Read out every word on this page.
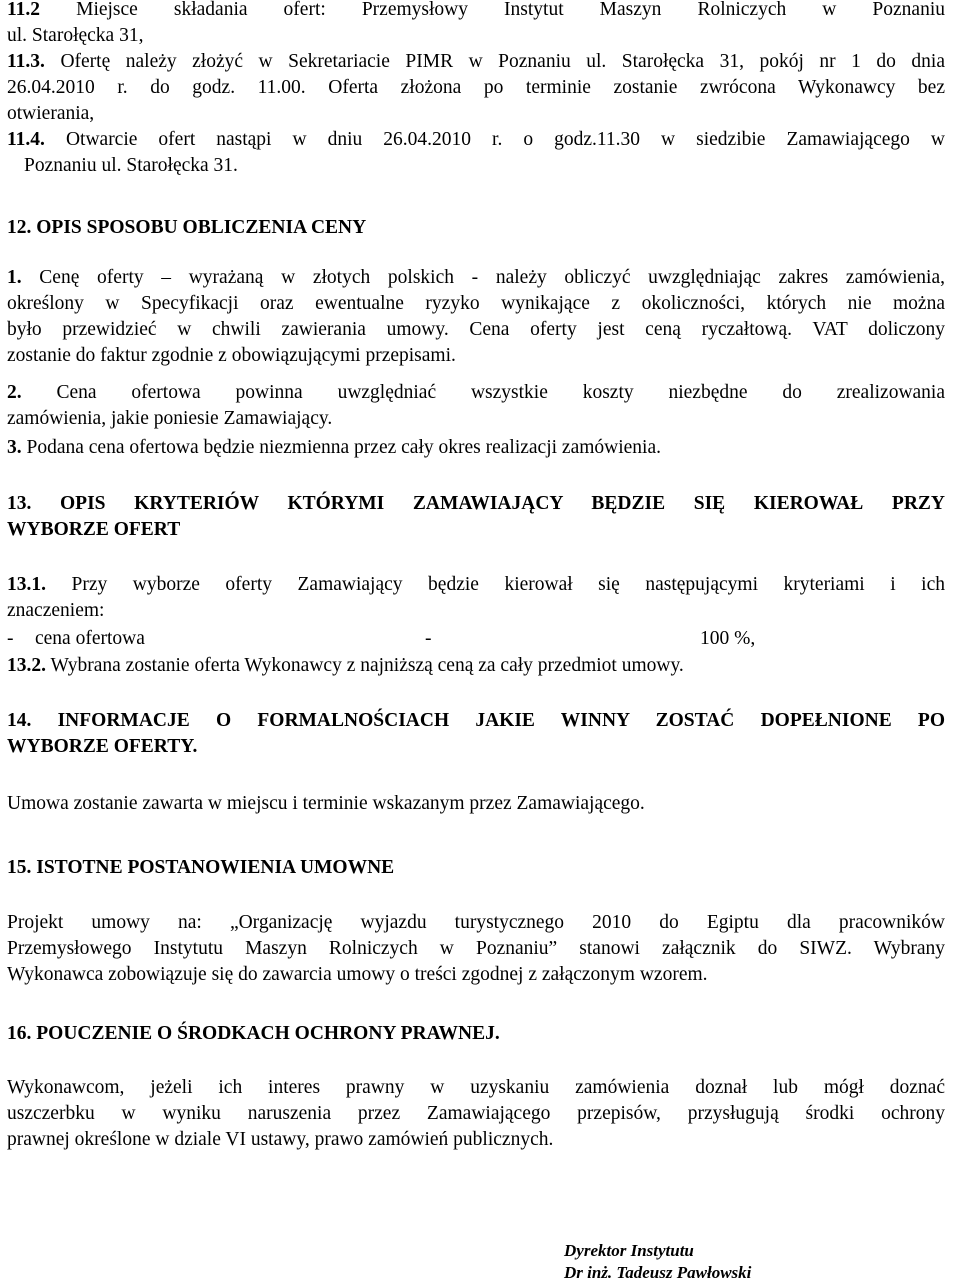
11.2 Miejsce składania ofert: Przemysłowy Instytut Maszyn Rolniczych w Poznaniu
ul. Starołęcka 31,
11.3. Ofertę należy złożyć w Sekretariacie PIMR w Poznaniu ul. Starołęcka 31, pokój nr 1 do dnia
26.04.2010 r. do godz. 11.00. Oferta złożona po terminie zostanie zwrócona Wykonawcy bez
otwierania,
11.4. Otwarcie ofert nastąpi w dniu 26.04.2010 r. o godz.11.30 w siedzibie Zamawiającego w
Poznaniu ul. Starołęcka 31.
12. OPIS SPOSOBU OBLICZENIA CENY
1. Cenę oferty – wyrażaną w złotych polskich - należy obliczyć uwzględniając zakres zamówienia,
określony w Specyfikacji oraz ewentualne ryzyko wynikające z okoliczności, których nie można
było przewidzieć w chwili zawierania umowy. Cena oferty jest ceną ryczałtową. VAT doliczony
zostanie do faktur zgodnie z obowiązującymi przepisami.
2. Cena ofertowa powinna uwzględniać wszystkie koszty niezbędne do zrealizowania
zamówienia, jakie poniesie Zamawiający.
3. Podana cena ofertowa będzie niezmienna przez cały okres realizacji zamówienia.
13. OPIS KRYTERIÓW KTÓRYMI ZAMAWIAJĄCY BĘDZIE SIĘ KIEROWAŁ PRZY
WYBORZE OFERT
13.1. Przy wyborze oferty Zamawiający będzie kierował się następującymi kryteriami i ich
znaczeniem:
- cena ofertowa	-	100 %,
13.2. Wybrana zostanie oferta Wykonawcy z najniższą ceną za cały przedmiot umowy.
14. INFORMACJE O FORMALNOŚCIACH JAKIE WINNY ZOSTAĆ DOPEŁNIONE PO
WYBORZE OFERTY.
Umowa zostanie zawarta w miejscu i terminie wskazanym przez Zamawiającego.
15. ISTOTNE POSTANOWIENIA UMOWNE
Projekt umowy na: „Organizację wyjazdu turystycznego 2010 do Egiptu dla pracowników
Przemysłowego Instytutu Maszyn Rolniczych w Poznaniu” stanowi załącznik do SIWZ. Wybrany
Wykonawca zobowiązuje się do zawarcia umowy o treści zgodnej z załączonym wzorem.
16. POUCZENIE O ŚRODKACH OCHRONY PRAWNEJ.
Wykonawcom, jeżeli ich interes prawny w uzyskaniu zamówienia doznał lub mógł doznać
uszczerbku w wyniku naruszenia przez Zamawiającego przepisów, przysługują środki ochrony
prawnej określone w dziale VI ustawy, prawo zamówień publicznych.
Dyrektor Instytutu
Dr inż. Tadeusz Pawłowski
